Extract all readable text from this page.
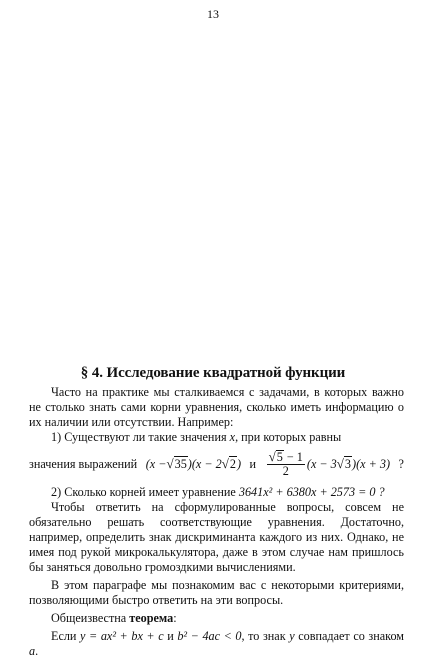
13
§ 4. Исследование квадратной функции

Часто на практике мы сталкиваемся с задачами, в которых важно не столько знать сами корни уравнения, сколько иметь информацию о их наличии или отсутствии. Например:

1) Существуют ли такие значения x, при которых равны

значения выражений (x − √ 35 )(x − 2 √ 2 ) и $\frac{√ 5 - 1}{2} (x - 3$ √ 3 )(x + 3) ?

2) Сколько корней имеет уравнение 3641x² + 6380x + 2573 = 0 ?

Чтобы ответить на сформулированные вопросы, совсем не обязательно решать соответствующие уравнения. Достаточно, например, определить знак дискриминанта каждого из них. Однако, не имея под рукой микрокалькулятора, даже в этом случае нам пришлось бы заняться довольно громоздкими вычислениями.

В этом параграфе мы познакомим вас с некоторыми критериями, позволяющими быстро ответить на эти вопросы.

Общеизвестна теорема:

Если y = ax² + bx + c и b² − 4ac < 0, то знак y совпадает со знаком a.
